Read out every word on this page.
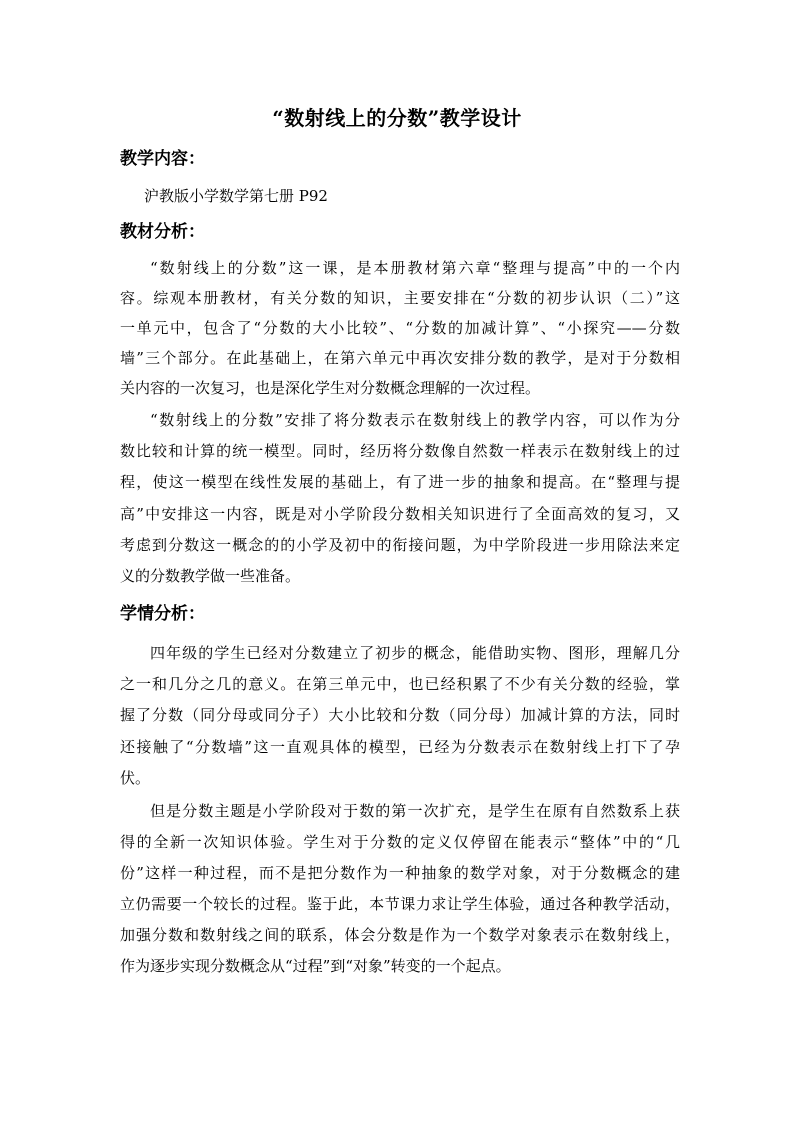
“数射线上的分数”教学设计
教学内容：
沪教版小学数学第七册 P92
教材分析：
“数射线上的分数”这一课，是本册教材第六章“整理与提高”中的一个内
容。综观本册教材，有关分数的知识，主要安排在“分数的初步认识（二）”这
一单元中，包含了“分数的大小比较”、“分数的加减计算”、“小探究——分数
墙”三个部分。在此基础上，在第六单元中再次安排分数的教学，是对于分数相
关内容的一次复习，也是深化学生对分数概念理解的一次过程。
“数射线上的分数”安排了将分数表示在数射线上的教学内容，可以作为分
数比较和计算的统一模型。同时，经历将分数像自然数一样表示在数射线上的过
程，使这一模型在线性发展的基础上，有了进一步的抽象和提高。在“整理与提
高”中安排这一内容，既是对小学阶段分数相关知识进行了全面高效的复习，又
考虑到分数这一概念的的小学及初中的衔接问题，为中学阶段进一步用除法来定
义的分数教学做一些准备。
学情分析：
四年级的学生已经对分数建立了初步的概念，能借助实物、图形，理解几分
之一和几分之几的意义。在第三单元中，也已经积累了不少有关分数的经验，掌
握了分数（同分母或同分子）大小比较和分数（同分母）加减计算的方法，同时
还接触了“分数墙”这一直观具体的模型，已经为分数表示在数射线上打下了孕
伏。
但是分数主题是小学阶段对于数的第一次扩充，是学生在原有自然数系上获
得的全新一次知识体验。学生对于分数的定义仅停留在能表示“整体”中的“几
份”这样一种过程，而不是把分数作为一种抽象的数学对象，对于分数概念的建
立仍需要一个较长的过程。鉴于此，本节课力求让学生体验，通过各种教学活动，
加强分数和数射线之间的联系，体会分数是作为一个数学对象表示在数射线上，
作为逐步实现分数概念从“过程”到“对象”转变的一个起点。
